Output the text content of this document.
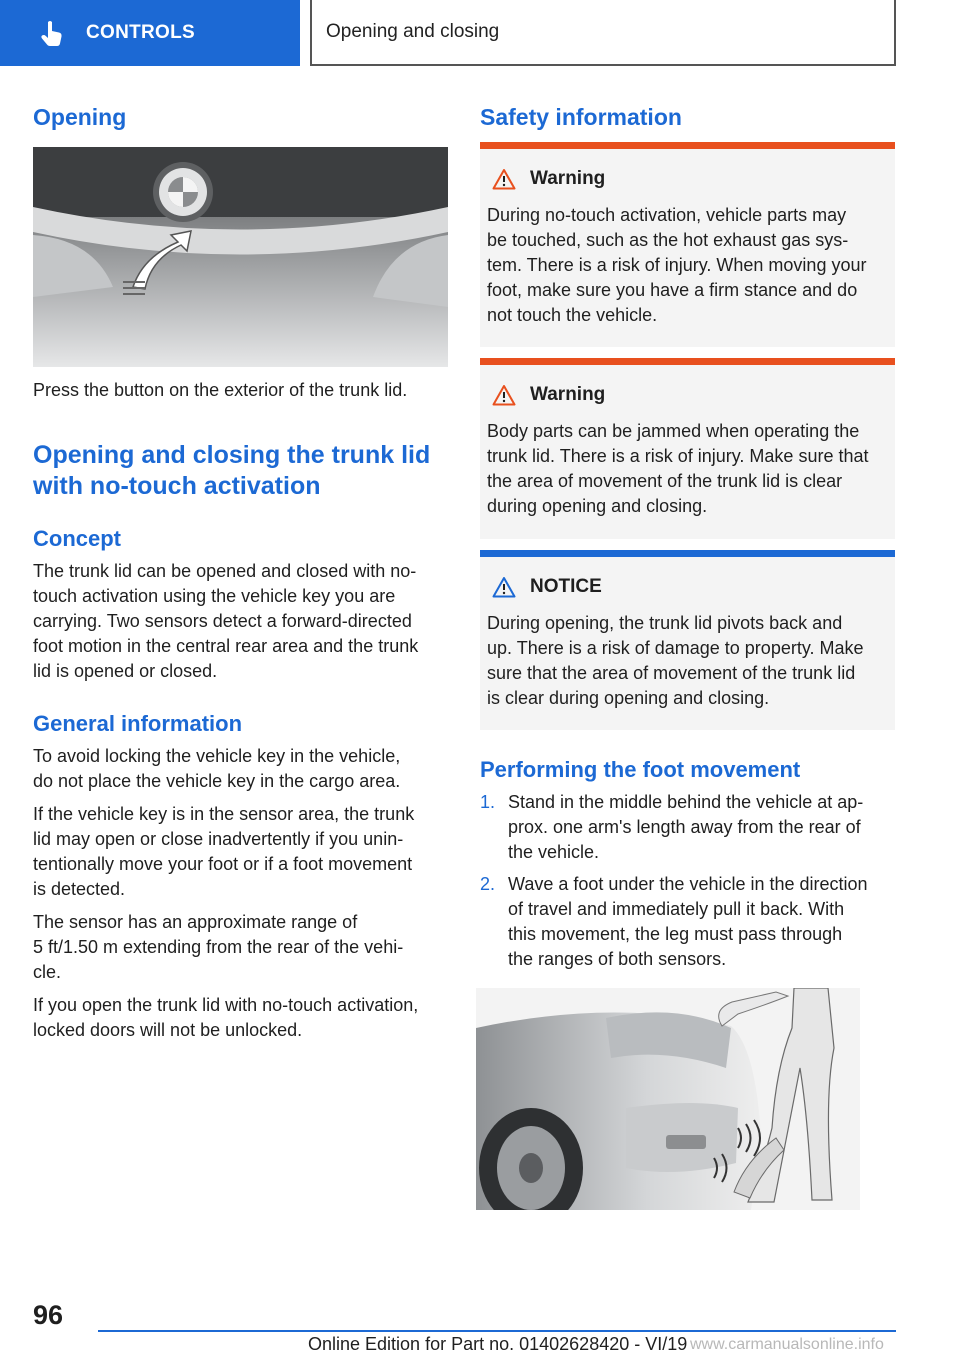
CONTROLS	Opening and closing
Opening

Press the button on the exterior of the trunk lid.

Opening and closing the trunk lid
with no-touch activation
Concept

The trunk lid can be opened and closed with no-
touch activation using the vehicle key you are
carrying. Two sensors detect a forward-directed
foot motion in the central rear area and the trunk
lid is opened or closed.

General information

To avoid locking the vehicle key in the vehicle,
do not place the vehicle key in the cargo area.

If the vehicle key is in the sensor area, the trunk
lid may open or close inadvertently if you unin-
tentionally move your foot or if a foot movement
is detected.

The sensor has an approximate range of
5 ft/1.50 m extending from the rear of the vehi-
cle.

If you open the trunk lid with no-touch activation,
locked doors will not be unlocked.

Safety information
Warning
During no-touch activation, vehicle parts may
be touched, such as the hot exhaust gas sys-
tem. There is a risk of injury. When moving your
foot, make sure you have a firm stance and do
not touch the vehicle.
Warning
Body parts can be jammed when operating the
trunk lid. There is a risk of injury. Make sure that
the area of movement of the trunk lid is clear
during opening and closing.
NOTICE
During opening, the trunk lid pivots back and
up. There is a risk of damage to property. Make
sure that the area of movement of the trunk lid
is clear during opening and closing.
Performing the foot movement
1. Stand in the middle behind the vehicle at ap-
prox. one arm's length away from the rear of
the vehicle.
2. Wave a foot under the vehicle in the direction
of travel and immediately pull it back. With
this movement, the leg must pass through
the ranges of both sensors.
96
Online Edition for Part no. 01402628420 - VI/19 www.carmanualsonline.info
